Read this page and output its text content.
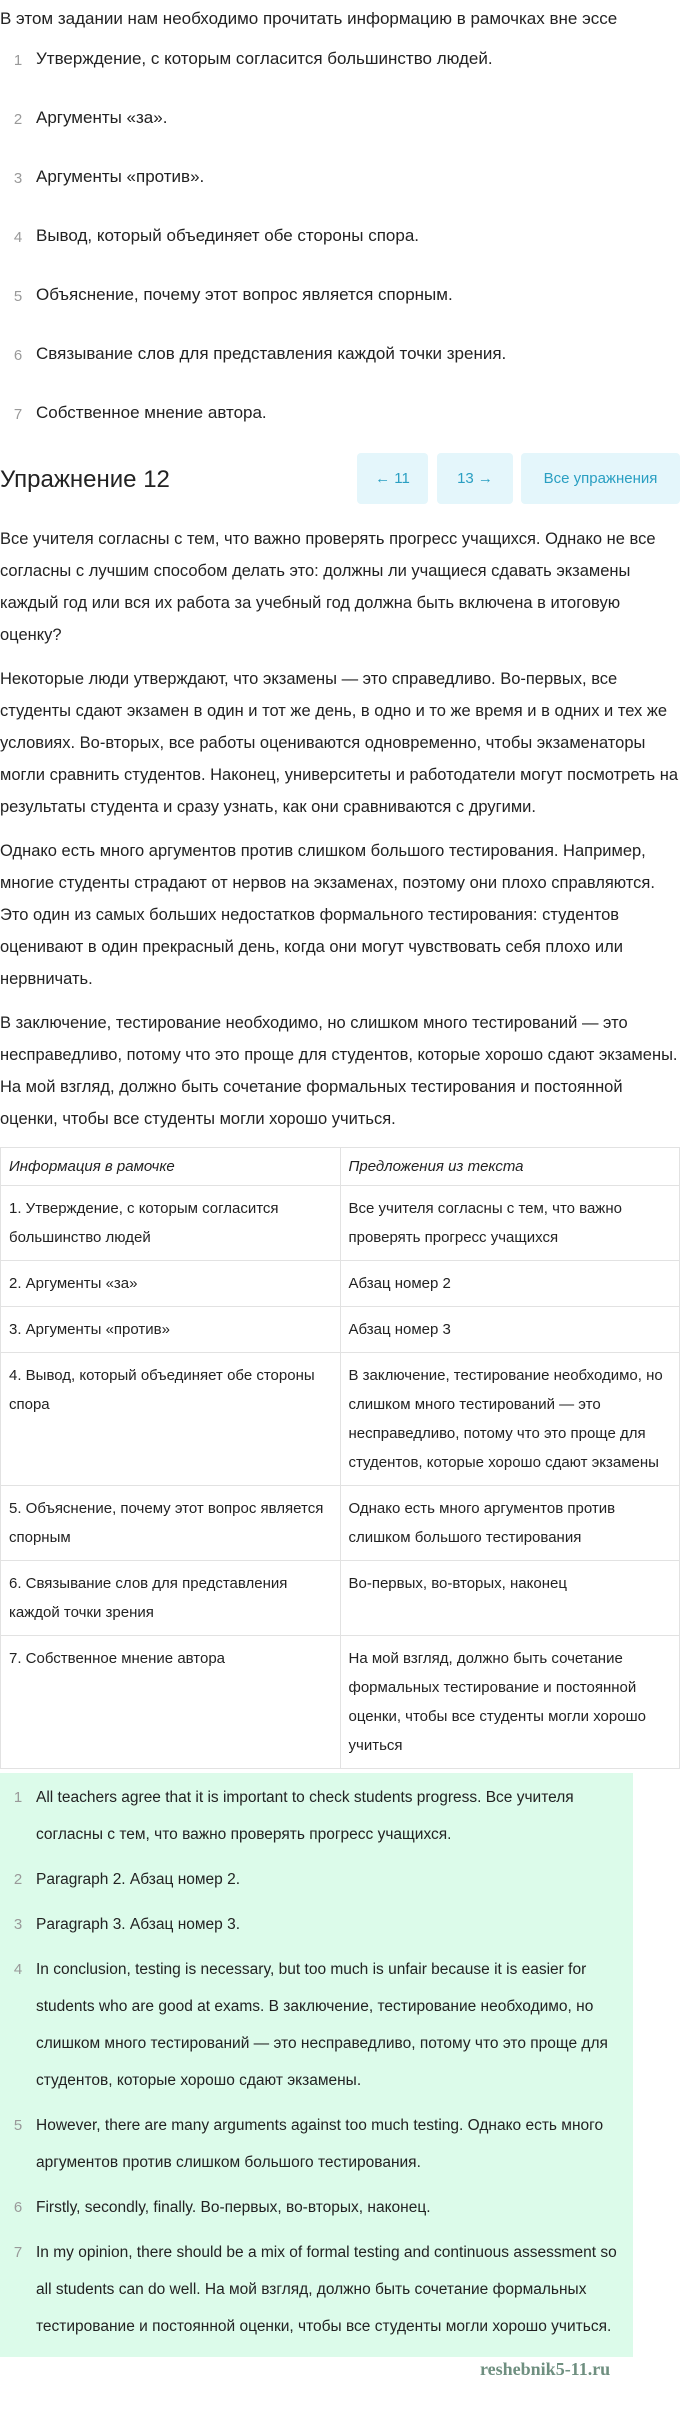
В этом задании нам необходимо прочитать информацию в рамочках вне эссе
1 Утверждение, с которым согласится большинство людей.
2 Аргументы «за».
3 Аргументы «против».
4 Вывод, который объединяет обе стороны спора.
5 Объяснение, почему этот вопрос является спорным.
6 Связывание слов для представления каждой точки зрения.
7 Собственное мнение автора.
Упражнение 12	← 11	13 →	Все упражнения

Все учителя согласны с тем, что важно проверять прогресс учащихся. Однако не все согласны с лучшим способом делать это: должны ли учащиеся сдавать экзамены каждый год или вся их работа за учебный год должна быть включена в итоговую оценку?

Некоторые люди утверждают, что экзамены — это справедливо. Во-первых, все студенты сдают экзамен в один и тот же день, в одно и то же время и в одних и тех же условиях. Во-вторых, все работы оцениваются одновременно, чтобы экзаменаторы могли сравнить студентов. Наконец, университеты и работодатели могут посмотреть на результаты студента и сразу узнать, как они сравниваются с другими.

Однако есть много аргументов против слишком большого тестирования. Например, многие студенты страдают от нервов на экзаменах, поэтому они плохо справляются. Это один из самых больших недостатков формального тестирования: студентов оценивают в один прекрасный день, когда они могут чувствовать себя плохо или нервничать.

В заключение, тестирование необходимо, но слишком много тестирований — это несправедливо, потому что это проще для студентов, которые хорошо сдают экзамены. На мой взгляд, должно быть сочетание формальных тестирования и постоянной оценки, чтобы все студенты могли хорошо учиться.

Информация в рамочке	Предложения из текста
1. Утверждение, с которым согласится большинство людей	Все учителя согласны с тем, что важно проверять прогресс учащихся
2. Аргументы «за»	Абзац номер 2
3. Аргументы «против»	Абзац номер 3
4. Вывод, который объединяет обе стороны спора	В заключение, тестирование необходимо, но слишком много тестирований — это несправедливо, потому что это проще для студентов, которые хорошо сдают экзамены
5. Объяснение, почему этот вопрос является спорным	Однако есть много аргументов против слишком большого тестирования
6. Связывание слов для представления каждой точки зрения	Во-первых, во-вторых, наконец
7. Собственное мнение автора	На мой взгляд, должно быть сочетание формальных тестирование и постоянной оценки, чтобы все студенты могли хорошо учиться
1 All teachers agree that it is important to check students progress. Все учителя согласны с тем, что важно проверять прогресс учащихся.
2 Paragraph 2. Абзац номер 2.
3 Paragraph 3. Абзац номер 3.
4 In conclusion, testing is necessary, but too much is unfair because it is easier for students who are good at exams. В заключение, тестирование необходимо, но слишком много тестирований — это несправедливо, потому что это проще для студентов, которые хорошо сдают экзамены.
5 However, there are many arguments against too much testing. Однако есть много аргументов против слишком большого тестирования.
6 Firstly, secondly, finally. Во-первых, во-вторых, наконец.
7 In my opinion, there should be a mix of formal testing and continuous assessment so all students can do well. На мой взгляд, должно быть сочетание формальных тестирование и постоянной оценки, чтобы все студенты могли хорошо учиться.
reshebnik5-11.ru
